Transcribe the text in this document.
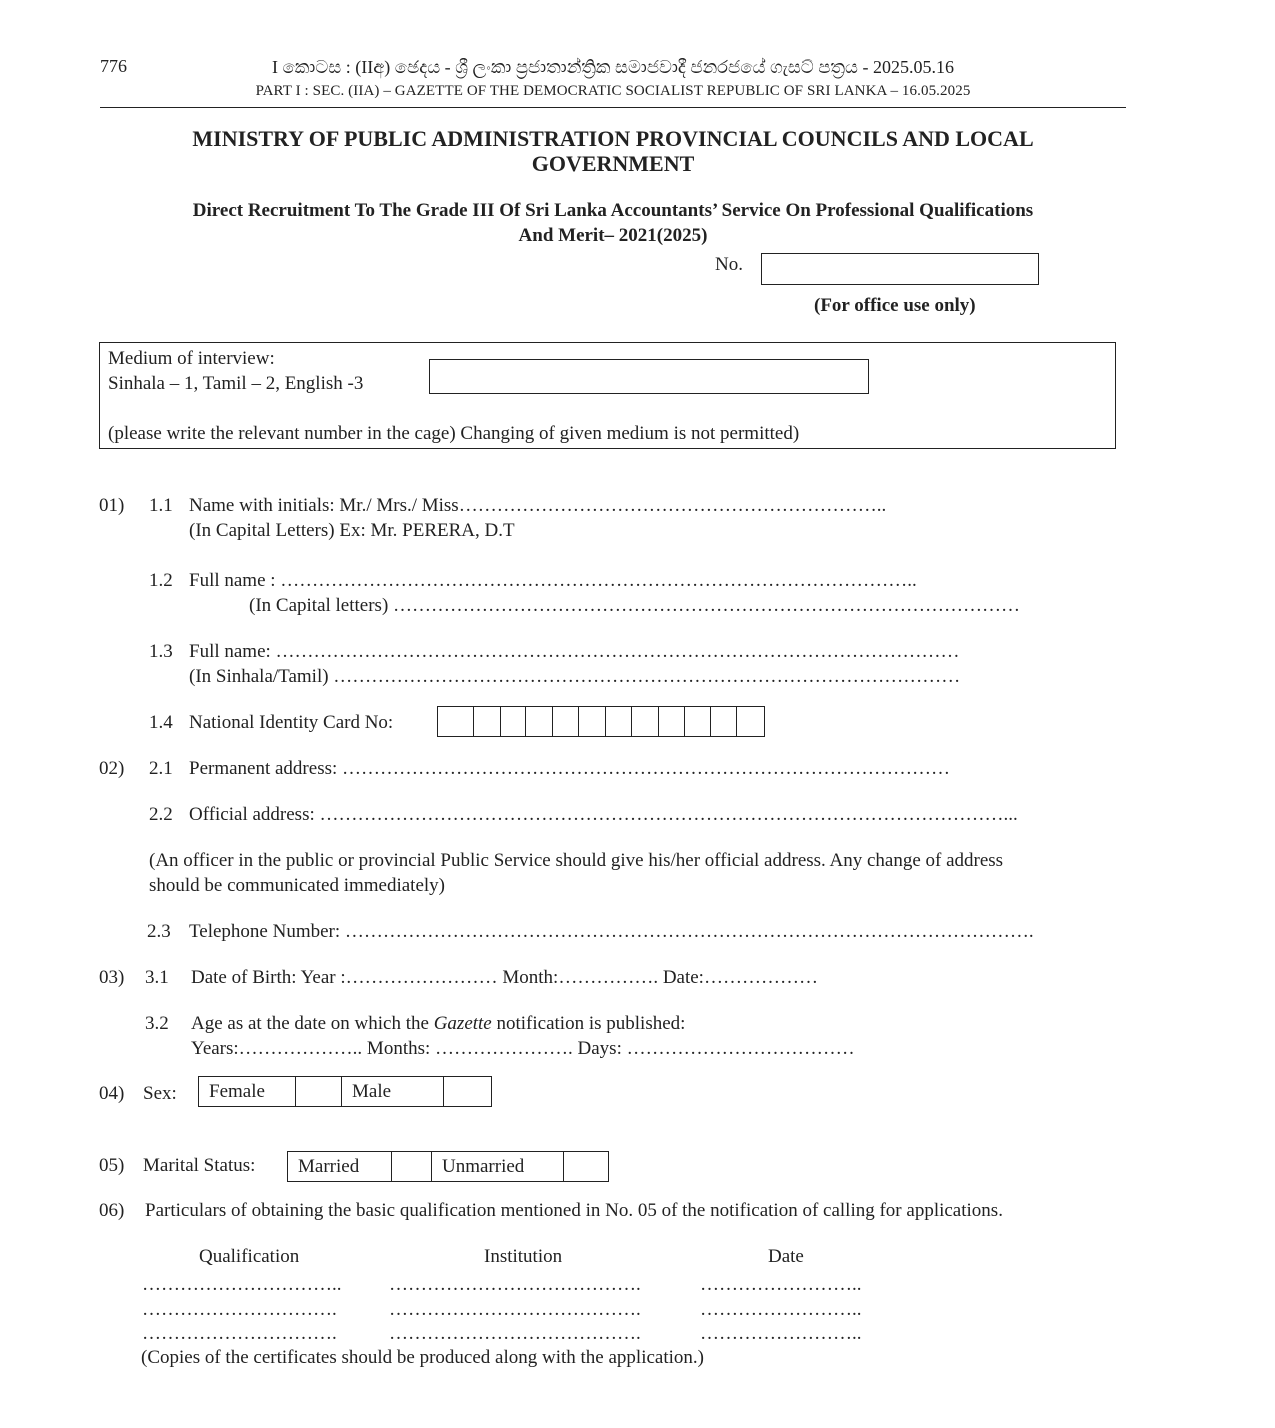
776	I කොටස : (IIඅ) ඡෙදය - ශ්‍රී ලංකා ප්‍රජාතාන්ත්‍රික සමාජවාදී ජනරජයේ ගැසට් පත්‍රය - 2025.05.16
PART I : SEC. (IIA) – GAZETTE OF THE DEMOCRATIC SOCIALIST REPUBLIC OF SRI LANKA – 16.05.2025
MINISTRY OF PUBLIC ADMINISTRATION PROVINCIAL COUNCILS AND LOCAL
GOVERNMENT
Direct Recruitment To The Grade III Of Sri Lanka Accountants’ Service On Professional Qualifications
And Merit– 2021(2025)
No.
(For office use only)
Medium of interview:
Sinhala – 1, Tamil – 2, English -3
(please write the relevant number in the cage) Changing of given medium is not permitted)
01) 1.1 Name with initials: Mr./ Mrs./ Miss…………………………………………………………..
(In Capital Letters) Ex: Mr. PERERA, D.T
1.2 Full name : ………………………………………………………………………………………..
(In Capital letters) ………………………………………………………………………………………
1.3 Full name: ………………………………………………………………………………………………
(In Sinhala/Tamil) ………………………………………………………………………………………
1.4 National Identity Card No:
02) 2.1 Permanent address: ……………………………………………………………………………………
2.2 Official address: ………………………………………………………………………………………………...
(An officer in the public or provincial Public Service should give his/her official address. Any change of address
should be communicated immediately)
2.3 Telephone Number: ……………………………………………………………………………………………….
03) 3.1 Date of Birth: Year :…………………… Month:……………. Date:………………
3.2 Age as at the date on which the Gazette notification is published:
Years:……………….. Months: …………………. Days: ………………………………
04) Sex:	Female	Male
05) Marital Status:	Married	Unmarried
06) Particulars of obtaining the basic qualification mentioned in No. 05 of the notification of calling for applications.
Qualification	Institution	Date
…………………………..	………………………………….	……………………..
………………………….	………………………………….	……………………..
………………………….	………………………………….	……………………..
(Copies of the certificates should be produced along with the application.)
